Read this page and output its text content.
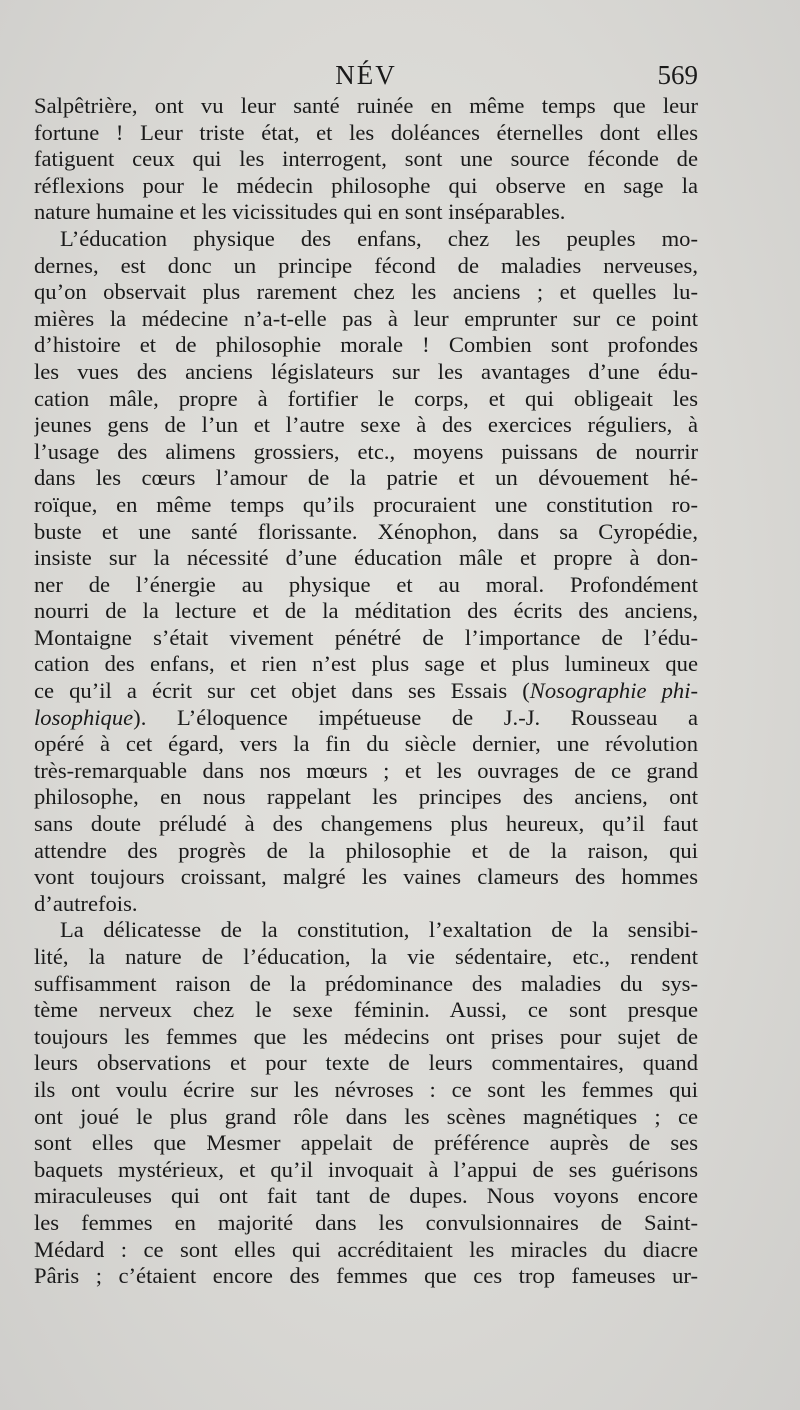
NÉV	569
Salpêtrière, ont vu leur santé ruinée en même temps que leur
fortune ! Leur triste état, et les doléances éternelles dont elles
fatiguent ceux qui les interrogent, sont une source féconde de
réflexions pour le médecin philosophe qui observe en sage la
nature humaine et les vicissitudes qui en sont inséparables.
L’éducation physique des enfans, chez les peuples mo-
dernes, est donc un principe fécond de maladies nerveuses,
qu’on observait plus rarement chez les anciens ; et quelles lu-
mières la médecine n’a-t-elle pas à leur emprunter sur ce point
d’histoire et de philosophie morale ! Combien sont profondes
les vues des anciens législateurs sur les avantages d’une édu-
cation mâle, propre à fortifier le corps, et qui obligeait les
jeunes gens de l’un et l’autre sexe à des exercices réguliers, à
l’usage des alimens grossiers, etc., moyens puissans de nourrir
dans les cœurs l’amour de la patrie et un dévouement hé-
roïque, en même temps qu’ils procuraient une constitution ro-
buste et une santé florissante. Xénophon, dans sa Cyropédie,
insiste sur la nécessité d’une éducation mâle et propre à don-
ner de l’énergie au physique et au moral. Profondément
nourri de la lecture et de la méditation des écrits des anciens,
Montaigne s’était vivement pénétré de l’importance de l’édu-
cation des enfans, et rien n’est plus sage et plus lumineux que
ce qu’il a écrit sur cet objet dans ses Essais (Nosographie phi-
losophique). L’éloquence impétueuse de J.-J. Rousseau a
opéré à cet égard, vers la fin du siècle dernier, une révolution
très-remarquable dans nos mœurs ; et les ouvrages de ce grand
philosophe, en nous rappelant les principes des anciens, ont
sans doute préludé à des changemens plus heureux, qu’il faut
attendre des progrès de la philosophie et de la raison, qui
vont toujours croissant, malgré les vaines clameurs des hommes
d’autrefois.
La délicatesse de la constitution, l’exaltation de la sensibi-
lité, la nature de l’éducation, la vie sédentaire, etc., rendent
suffisamment raison de la prédominance des maladies du sys-
tème nerveux chez le sexe féminin. Aussi, ce sont presque
toujours les femmes que les médecins ont prises pour sujet de
leurs observations et pour texte de leurs commentaires, quand
ils ont voulu écrire sur les névroses : ce sont les femmes qui
ont joué le plus grand rôle dans les scènes magnétiques ; ce
sont elles que Mesmer appelait de préférence auprès de ses
baquets mystérieux, et qu’il invoquait à l’appui de ses guérisons
miraculeuses qui ont fait tant de dupes. Nous voyons encore
les femmes en majorité dans les convulsionnaires de Saint-
Médard : ce sont elles qui accréditaient les miracles du diacre
Pâris ; c’étaient encore des femmes que ces trop fameuses ur-
